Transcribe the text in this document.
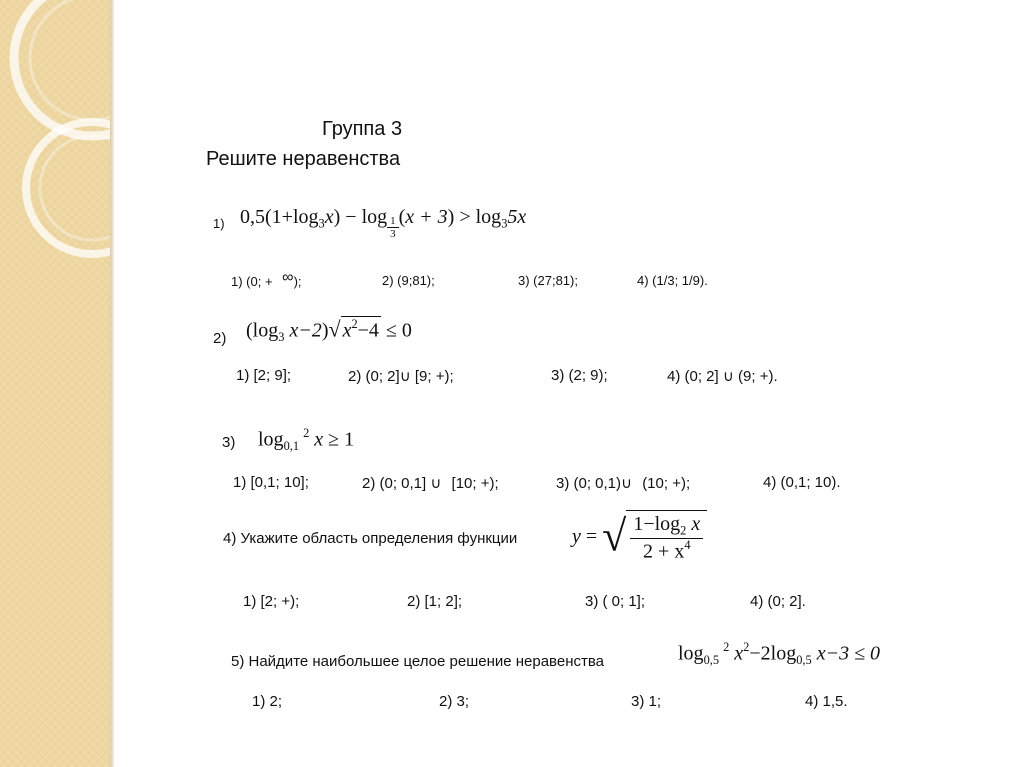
Группа 3
Решите неравенства
1) $0,5(1+\log_3x) - \log \frac{1}{3} (x + 3) > \log_35x$
1) (0; + ∞);	2) (9;81);	3) (27;81);	4) (1/3; 1/9).
2) ($\log_3$ x−2)√ $x^2-4 \le 0$
1) [2; 9];	2) (0; 2]∪ [9; +);	3) (2; 9);	4) (0; 2] ∪ (9; +).
3) $\log_{0,1}^2 x \ge 1$
1) [0,1; 10];	2) (0; 0,1] ∪ [10; +);	3) (0; 0,1)∪ (10; +);	4) (0,1; 10).
4) Укажите область определения функции	y = √ $\frac{1-\log_2 x}{2 + x^4}$
1) [2; +);	2) [1; 2];	3) ( 0; 1];	4) (0; 2].
5) Найдите наибольшее целое решение неравенства	$\log_{0,5}^2 x^2-2\log_{0,5}$ x−3 ≤ 0
1) 2;	2) 3;	3) 1;	4) 1,5.
